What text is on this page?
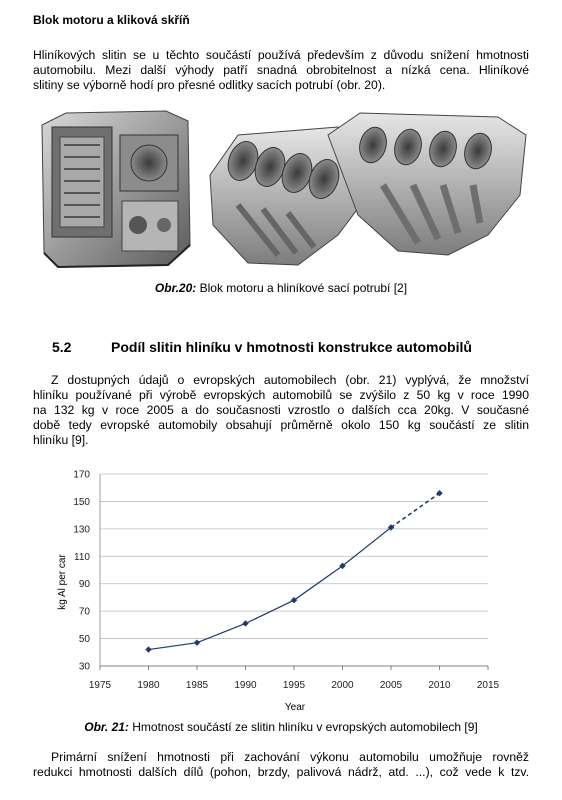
Blok motoru a kliková skříň
Hliníkových slitin se u těchto součástí používá především z důvodu snížení hmotnosti
automobilu. Mezi další výhody patří snadná obrobitelnost a nízká cena. Hliníkové
slitiny se výborně hodí pro přesné odlitky sacích potrubí (obr. 20).
Obr.20: Blok motoru a hliníkové sací potrubí [2]
5.2	Podíl slitin hliníku v hmotnosti konstrukce automobilů
Z dostupných údajů o evropských automobilech (obr. 21) vyplývá, že množství
hliníku používané při výrobě evropských automobilů se zvýšilo z 50 kg v roce 1990
na 132 kg v roce 2005 a do současnosti vzrostlo o dalších cca 20kg. V současné
době tedy evropské automobily obsahují průměrně okolo 150 kg součástí ze slitin
hliníku [9].
30
50
70
90
110
130
150
170
1975	1980	1985	1990	1995	2000	2005	2010	2015
kg Al per car
Year
Obr. 21: Hmotnost součástí ze slitin hliníku v evropských automobilech [9]
Primární snížení hmotnosti při zachování výkonu automobilu umožňuje rovněž
redukci hmotnosti dalších dílů (pohon, brzdy, palivová nádrž, atd. ...), což vede k tzv.
